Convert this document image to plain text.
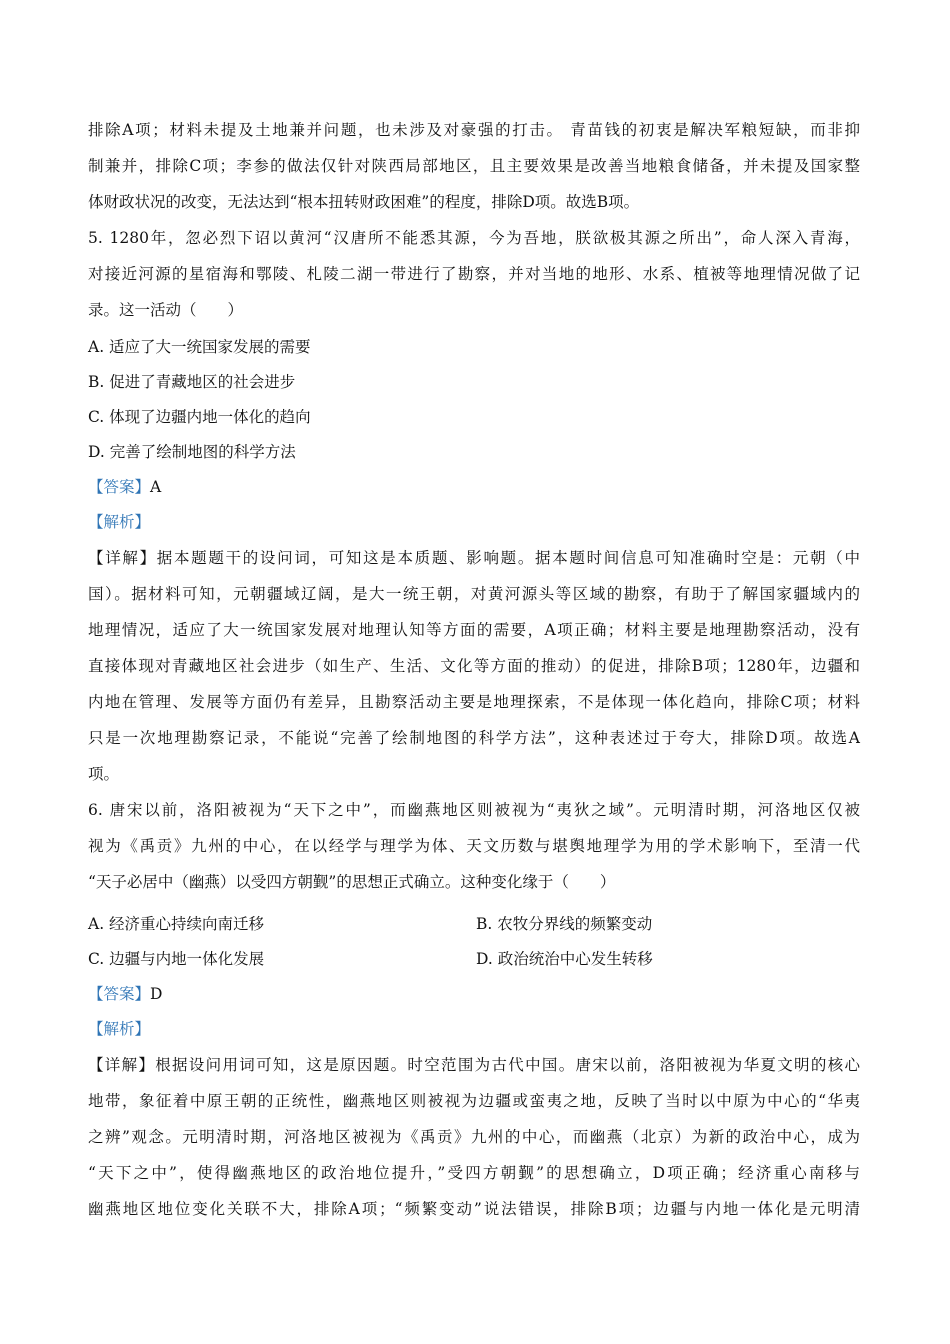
排除A项；材料未提及土地兼并问题，也未涉及对豪强的打击。 青苗钱的初衷是解决军粮短缺，而非抑
制兼并，排除C项；李参的做法仅针对陕西局部地区，且主要效果是改善当地粮食储备，并未提及国家整
体财政状况的改变，无法达到“根本扭转财政困难”的程度，排除D项。故选B项。
5. 1280年，忽必烈下诏以黄河“汉唐所不能悉其源，今为吾地，朕欲极其源之所出”，命人深入青海，
对接近河源的星宿海和鄂陵、札陵二湖一带进行了勘察，并对当地的地形、水系、植被等地理情况做了记
录。这一活动（　　）
A. 适应了大一统国家发展的需要
B. 促进了青藏地区的社会进步
C. 体现了边疆内地一体化的趋向
D. 完善了绘制地图的科学方法
【答案】A
【解析】
【详解】据本题题干的设问词，可知这是本质题、影响题。据本题时间信息可知准确时空是：元朝（中
国）。据材料可知，元朝疆域辽阔，是大一统王朝，对黄河源头等区域的勘察，有助于了解国家疆域内的
地理情况，适应了大一统国家发展对地理认知等方面的需要，A项正确；材料主要是地理勘察活动，没有
直接体现对青藏地区社会进步（如生产、生活、文化等方面的推动）的促进，排除B项；1280年，边疆和
内地在管理、发展等方面仍有差异，且勘察活动主要是地理探索，不是体现一体化趋向，排除C项；材料
只是一次地理勘察记录，不能说“完善了绘制地图的科学方法”，这种表述过于夸大，排除D项。故选A
项。
6. 唐宋以前，洛阳被视为“天下之中”，而幽燕地区则被视为“夷狄之域”。元明清时期，河洛地区仅被
视为《禹贡》九州的中心，在以经学与理学为体、天文历数与堪舆地理学为用的学术影响下，至清一代
“天子必居中（幽燕）以受四方朝觐”的思想正式确立。这种变化缘于（　　）
A. 经济重心持续向南迁移	B. 农牧分界线的频繁变动
C. 边疆与内地一体化发展	D. 政治统治中心发生转移
【答案】D
【解析】
【详解】根据设问用词可知，这是原因题。时空范围为古代中国。唐宋以前，洛阳被视为华夏文明的核心
地带，象征着中原王朝的正统性，幽燕地区则被视为边疆或蛮夷之地，反映了当时以中原为中心的“华夷
之辨”观念。元明清时期，河洛地区被视为《禹贡》九州的中心，而幽燕（北京）为新的政治中心，成为
“天下之中”，使得幽燕地区的政治地位提升，”受四方朝觐”的思想确立，D项正确；经济重心南移与
幽燕地区地位变化关联不大，排除A项；“频繁变动”说法错误，排除B项；边疆与内地一体化是元明清
